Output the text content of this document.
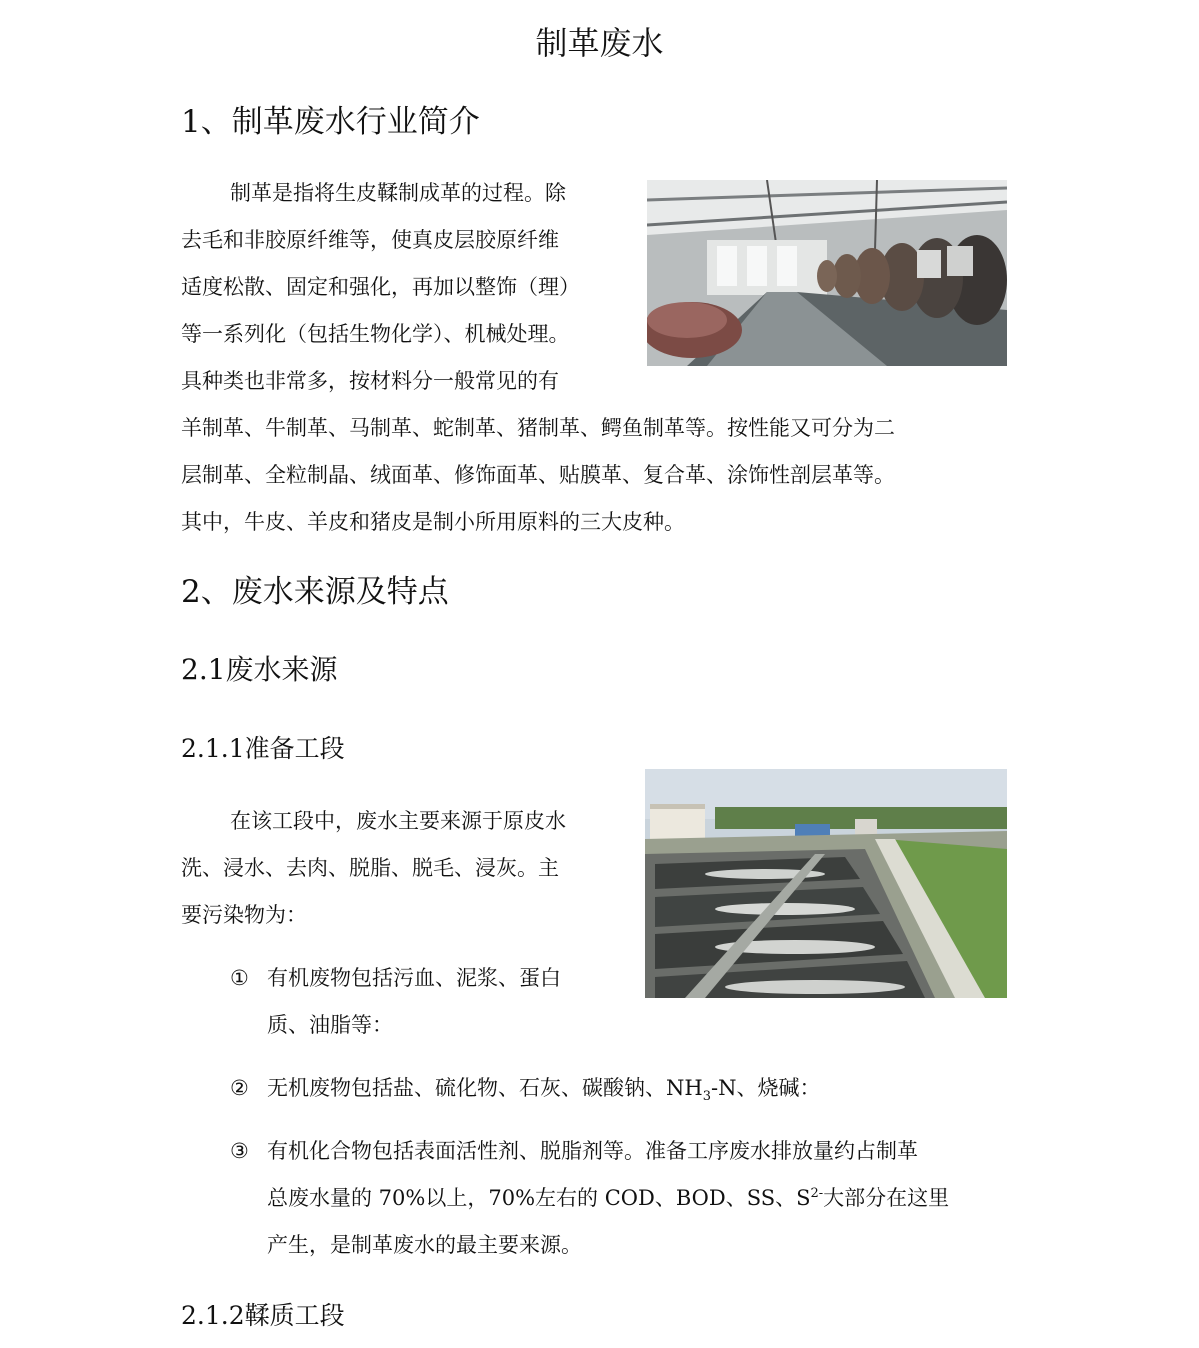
制革废水
1、制革废水行业简介
制革是指将生皮鞣制成革的过程。除
去毛和非胶原纤维等，使真皮层胶原纤维
适度松散、固定和强化，再加以整饰（理）
等一系列化（包括生物化学）、机械处理。
具种类也非常多，按材料分一般常见的有
羊制革、牛制革、马制革、蛇制革、猪制革、鳄鱼制革等。按性能又可分为二
层制革、全粒制晶、绒面革、修饰面革、贴膜革、复合革、涂饰性剖层革等。
其中，牛皮、羊皮和猪皮是制小所用原料的三大皮种。
2、废水来源及特点
2.1废水来源
2.1.1准备工段
在该工段中，废水主要来源于原皮水
洗、浸水、去肉、脱脂、脱毛、浸灰。主
要污染物为：
① 有机废物包括污血、泥浆、蛋白
质、油脂等：
② 无机废物包括盐、硫化物、石灰、碳酸钠、$NH_3-N$、烧碱：
③ 有机化合物包括表面活性剂、脱脂剂等。准备工序废水排放量约占制革
总废水量的 70%以上，70%左右的 COD、BOD、SS、$S^{2-}$大部分在这里
产生，是制革废水的最主要来源。
2.1.2鞣质工段
